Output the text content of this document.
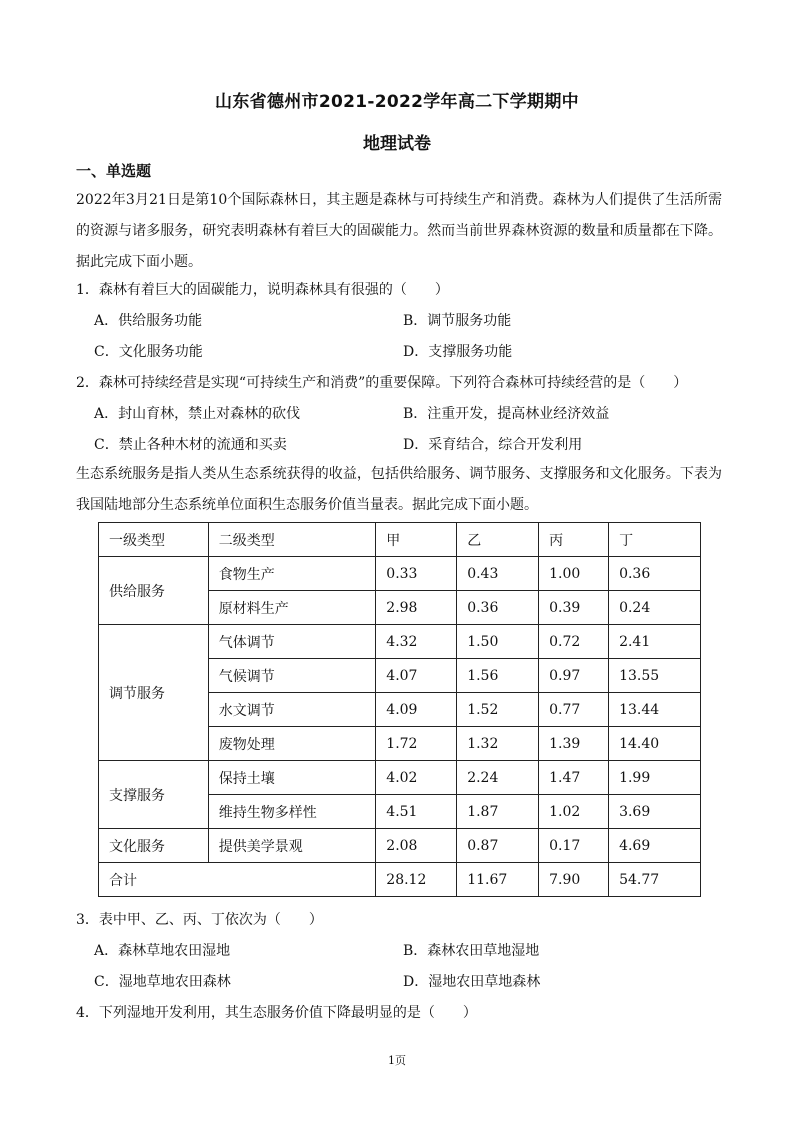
山东省德州市2021-2022学年高二下学期期中
地理试卷
一、单选题

2022年3月21日是第10个国际森林日，其主题是森林与可持续生产和消费。森林为人们提供了生活所需的资源与诸多服务，研究表明森林有着巨大的固碳能力。然而当前世界森林资源的数量和质量都在下降。据此完成下面小题。

1．森林有着巨大的固碳能力，说明森林具有很强的（　　）
A．供给服务功能	B．调节服务功能
C．文化服务功能	D．支撑服务功能
2．森林可持续经营是实现“可持续生产和消费”的重要保障。下列符合森林可持续经营的是（　　）
A．封山育林，禁止对森林的砍伐	B．注重开发，提高林业经济效益
C．禁止各种木材的流通和买卖	D．采育结合，综合开发利用

生态系统服务是指人类从生态系统获得的收益，包括供给服务、调节服务、支撑服务和文化服务。下表为我国陆地部分生态系统单位面积生态服务价值当量表。据此完成下面小题。

一级类型	二级类型	甲	乙	丙	丁
供给服务	食物生产	0.33	0.43	1.00	0.36
	原材料生产	2.98	0.36	0.39	0.24
调节服务	气体调节	4.32	1.50	0.72	2.41
	气候调节	4.07	1.56	0.97	13.55
	水文调节	4.09	1.52	0.77	13.44
	废物处理	1.72	1.32	1.39	14.40
支撑服务	保持土壤	4.02	2.24	1.47	1.99
	维持生物多样性	4.51	1.87	1.02	3.69
文化服务	提供美学景观	2.08	0.87	0.17	4.69
合计		28.12	11.67	7.90	54.77
3．表中甲、乙、丙、丁依次为（　　）
A．森林草地农田湿地	B．森林农田草地湿地
C．湿地草地农田森林	D．湿地农田草地森林
4．下列湿地开发利用，其生态服务价值下降最明显的是（　　）
1页
